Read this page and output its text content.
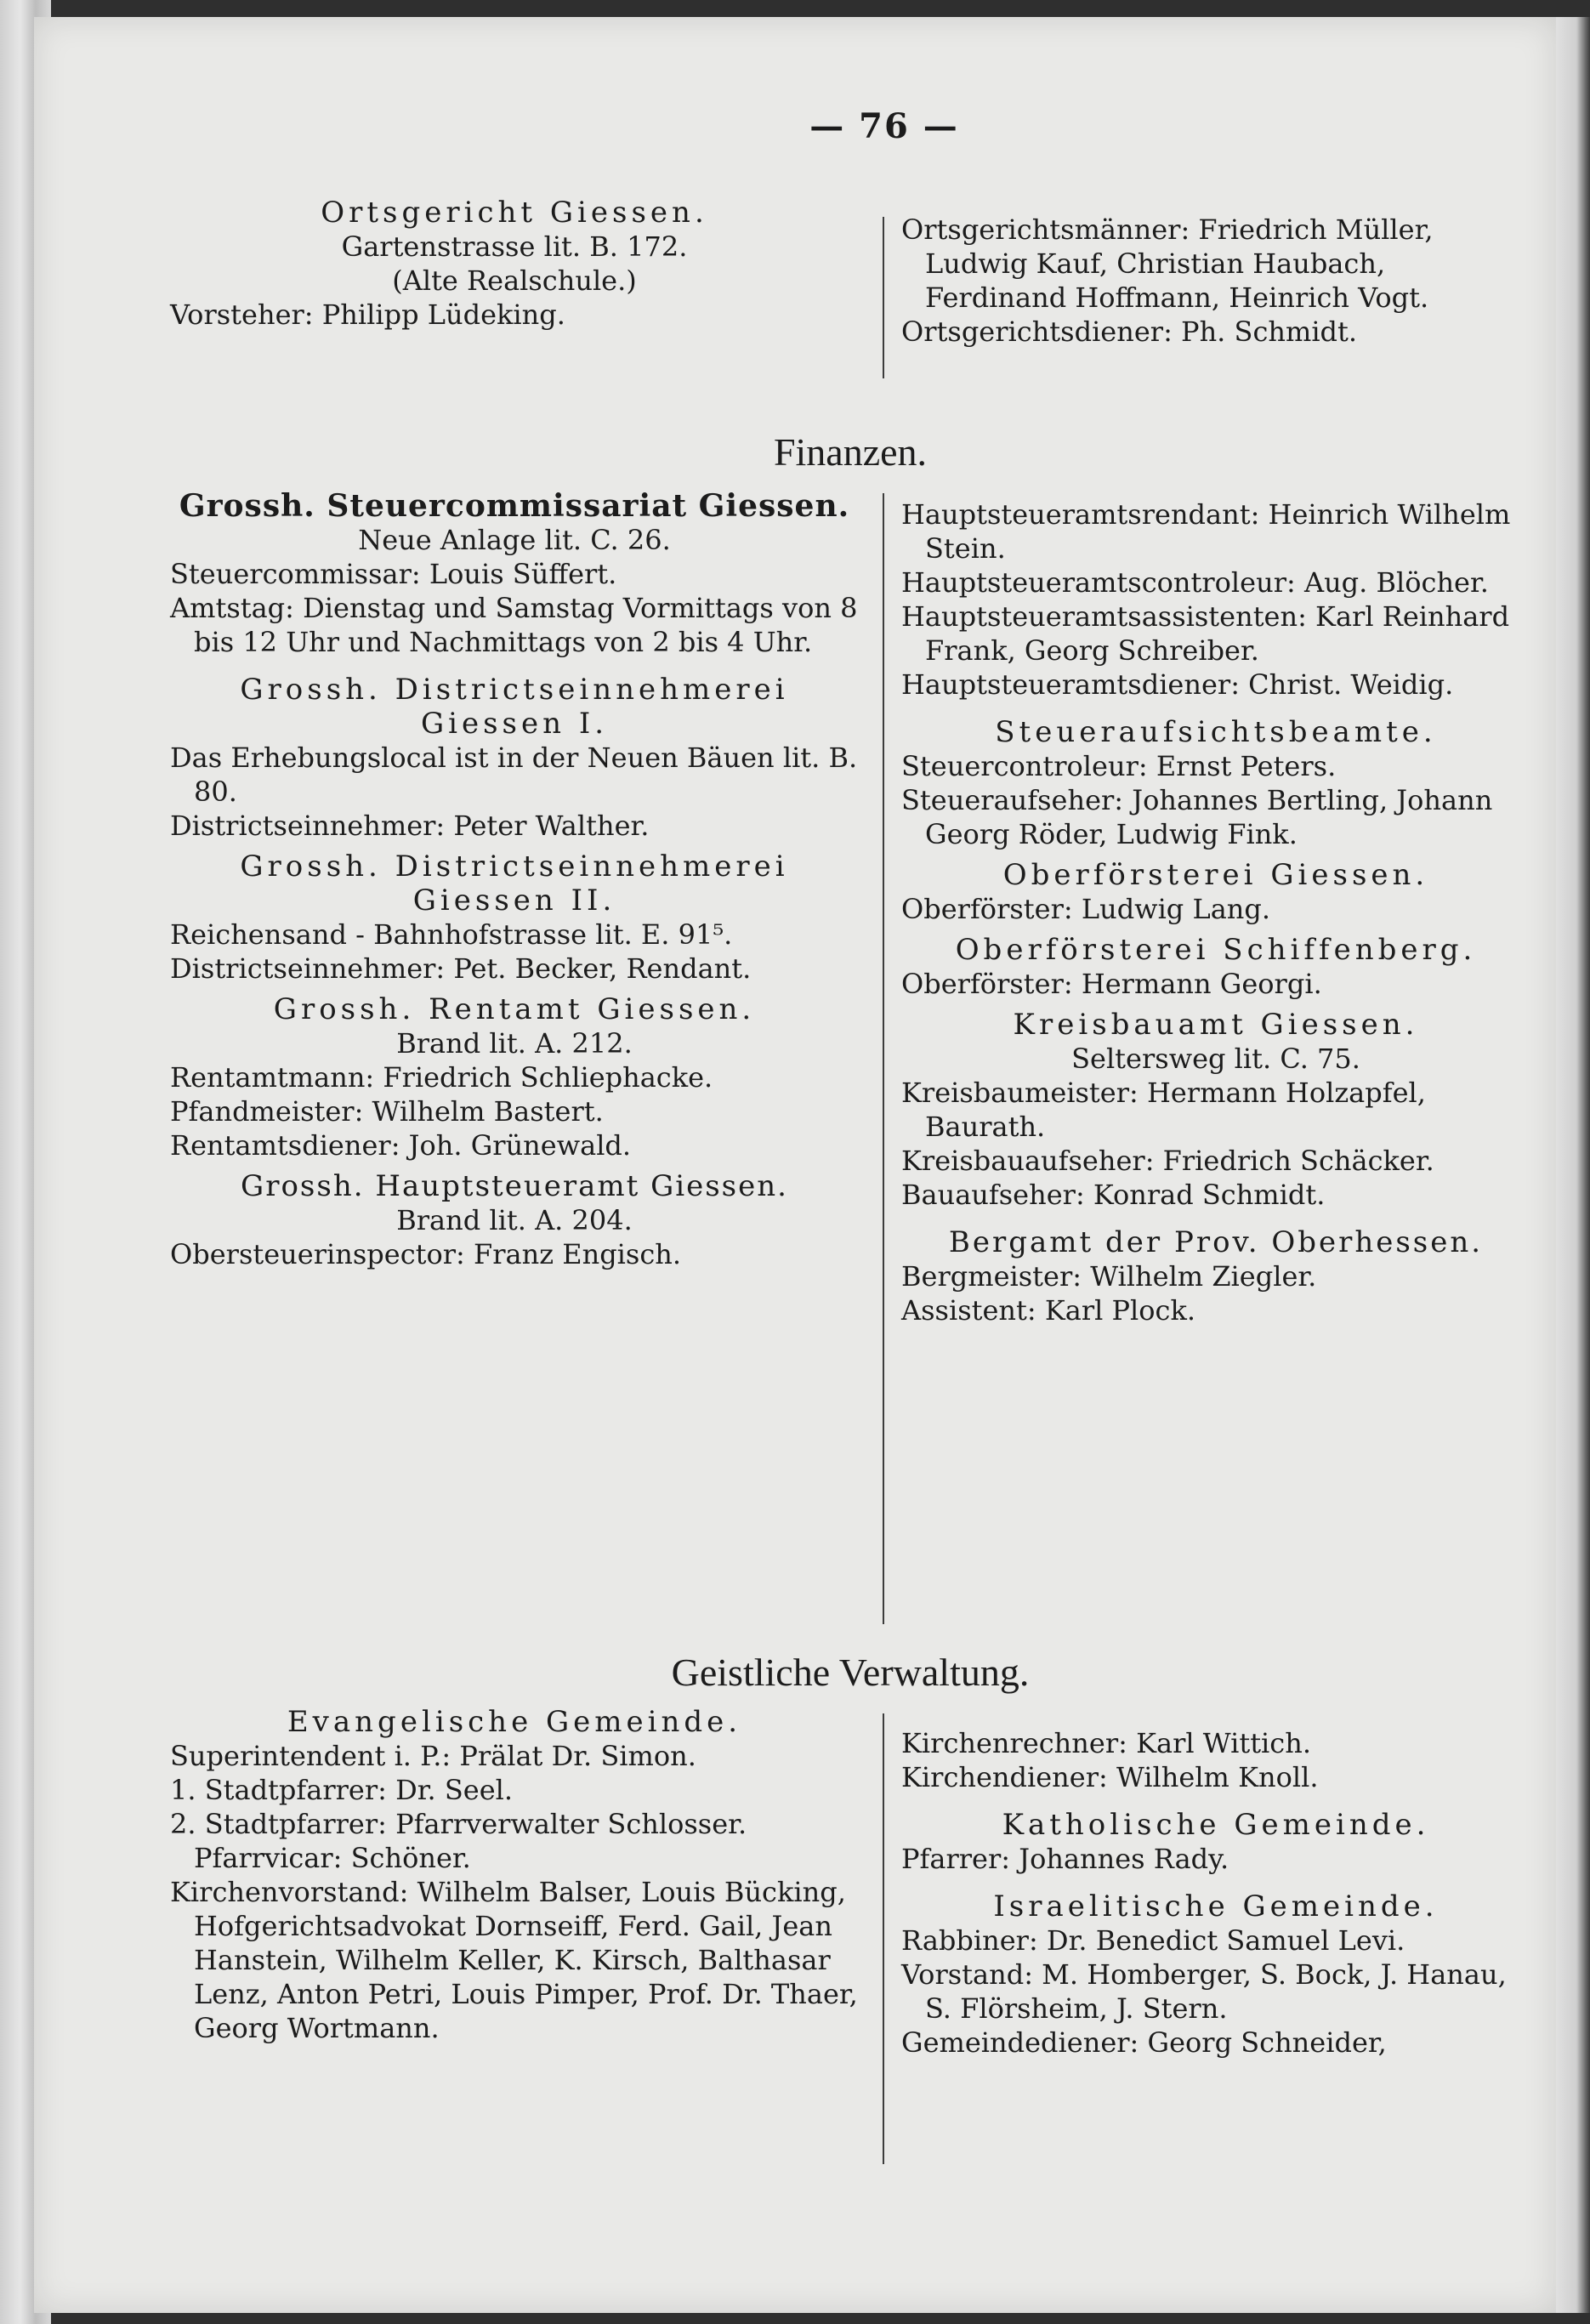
— 76 —

Ortsgericht Giessen.

Gartenstrasse lit. B. 172.

(Alte Realschule.)

Vorsteher: Philipp Lüdeking.

Ortsgerichtsmänner: Friedrich Müller, Ludwig Kauf, Christian Haubach, Ferdinand Hoffmann, Heinrich Vogt.

Ortsgerichtsdiener: Ph. Schmidt.

Finanzen.

Grossh. Steuercommissariat Giessen.

Neue Anlage lit. C. 26.

Steuercommissar: Louis Süffert.

Amtstag: Dienstag und Samstag Vormittags von 8 bis 12 Uhr und Nachmittags von 2 bis 4 Uhr.

Grossh. Districtseinnehmerei Giessen I.

Das Erhebungslocal ist in der Neuen Bäuen lit. B. 80.

Districtseinnehmer: Peter Walther.

Grossh. Districtseinnehmerei Giessen II.

Reichensand - Bahnhofstrasse lit. E. 91⁵.

Districtseinnehmer: Pet. Becker, Rendant.

Grossh. Rentamt Giessen.

Brand lit. A. 212.

Rentamtmann: Friedrich Schliephacke.

Pfandmeister: Wilhelm Bastert.

Rentamtsdiener: Joh. Grünewald.

Grossh. Hauptsteueramt Giessen.

Brand lit. A. 204.

Obersteuerinspector: Franz Engisch.

Hauptsteueramtsrendant: Heinrich Wilhelm Stein.

Hauptsteueramtscontroleur: Aug. Blöcher.

Hauptsteueramtsassistenten: Karl Reinhard Frank, Georg Schreiber.

Hauptsteueramtsdiener: Christ. Weidig.

Steueraufsichtsbeamte.

Steuercontroleur: Ernst Peters.

Steueraufseher: Johannes Bertling, Johann Georg Röder, Ludwig Fink.

Oberförsterei Giessen.

Oberförster: Ludwig Lang.

Oberförsterei Schiffenberg.

Oberförster: Hermann Georgi.

Kreisbauamt Giessen.

Seltersweg lit. C. 75.

Kreisbaumeister: Hermann Holzapfel, Baurath.

Kreisbauaufseher: Friedrich Schäcker.

Bauaufseher: Konrad Schmidt.

Bergamt der Prov. Oberhessen.

Bergmeister: Wilhelm Ziegler.

Assistent: Karl Plock.

Geistliche Verwaltung.

Evangelische Gemeinde.

Superintendent i. P.: Prälat Dr. Simon.

1. Stadtpfarrer: Dr. Seel.

2. Stadtpfarrer: Pfarrverwalter Schlosser.

Pfarrvicar: Schöner.

Kirchenvorstand: Wilhelm Balser, Louis Bücking, Hofgerichtsadvokat Dornseiff, Ferd. Gail, Jean Hanstein, Wilhelm Keller, K. Kirsch, Balthasar Lenz, Anton Petri, Louis Pimper, Prof. Dr. Thaer, Georg Wortmann.

Kirchenrechner: Karl Wittich.

Kirchendiener: Wilhelm Knoll.

Katholische Gemeinde.

Pfarrer: Johannes Rady.

Israelitische Gemeinde.

Rabbiner: Dr. Benedict Samuel Levi.

Vorstand: M. Homberger, S. Bock, J. Hanau, S. Flörsheim, J. Stern.

Gemeindediener: Georg Schneider,
